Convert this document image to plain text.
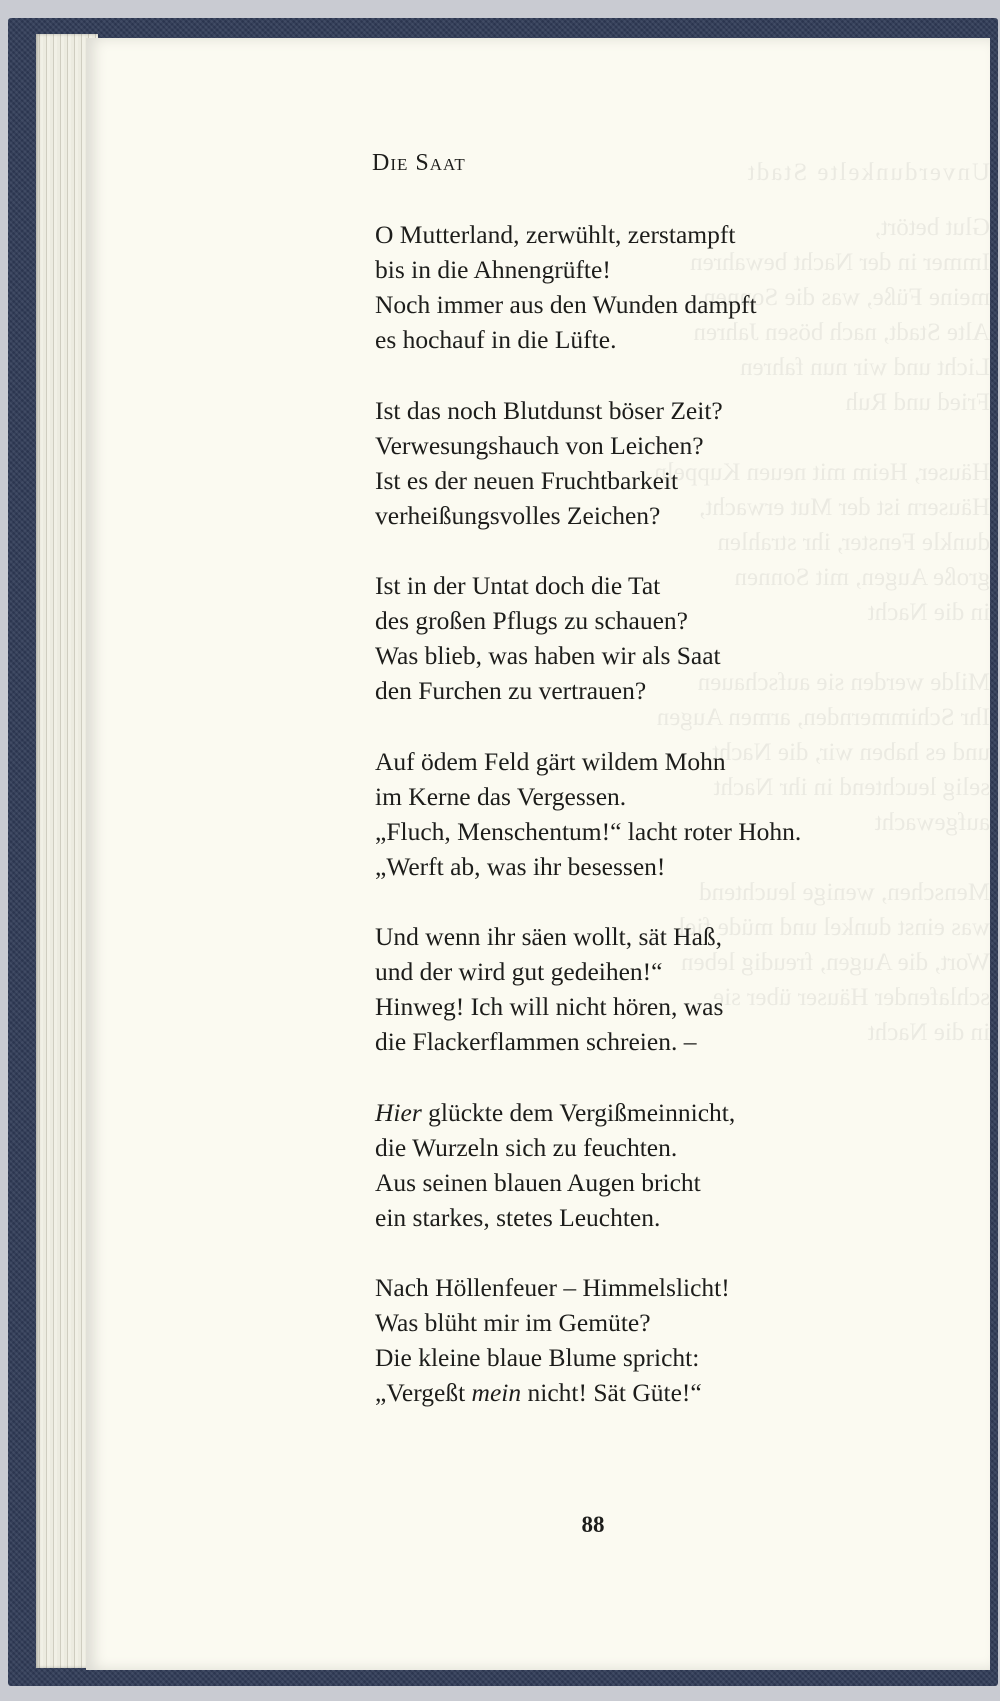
Unverdunkelte Stadt
Glut betört,
Immer in der Nacht bewahren
meine Füße, was die Sonnen
Alte Stadt, nach bösen Jahren
Licht und wir nun fahren
Fried und Ruh
Häuser, Heim mit neuen Kuppeln
Häusern ist der Mut erwacht,
dunkle Fenster, ihr strahlen
große Augen, mit Sonnen
in die Nacht
Milde werden sie aufschauen
Ihr Schimmernden, armen Augen
und es haben wir, die Nacht
selig leuchtend in ihr Nacht
aufgewacht
Menschen, wenige leuchtend
was einst dunkel und müde fiel
Wort, die Augen, freudig leben
schlafender Häuser über sie
in die Nacht
Die Saat
O Mutterland, zerwühlt, zerstampft
bis in die Ahnengrüfte!
Noch immer aus den Wunden dampft
es hochauf in die Lüfte.
Ist das noch Blutdunst böser Zeit?
Verwesungshauch von Leichen?
Ist es der neuen Fruchtbarkeit
verheißungsvolles Zeichen?
Ist in der Untat doch die Tat
des großen Pflugs zu schauen?
Was blieb, was haben wir als Saat
den Furchen zu vertrauen?
Auf ödem Feld gärt wildem Mohn
im Kerne das Vergessen.
„Fluch, Menschentum!“ lacht roter Hohn.
„Werft ab, was ihr besessen!
Und wenn ihr säen wollt, sät Haß,
und der wird gut gedeihen!“
Hinweg! Ich will nicht hören, was
die Flackerflammen schreien. –
Hier glückte dem Vergißmeinnicht,
die Wurzeln sich zu feuchten.
Aus seinen blauen Augen bricht
ein starkes, stetes Leuchten.
Nach Höllenfeuer – Himmelslicht!
Was blüht mir im Gemüte?
Die kleine blaue Blume spricht:
„Vergeßt mein nicht! Sät Güte!“
88
